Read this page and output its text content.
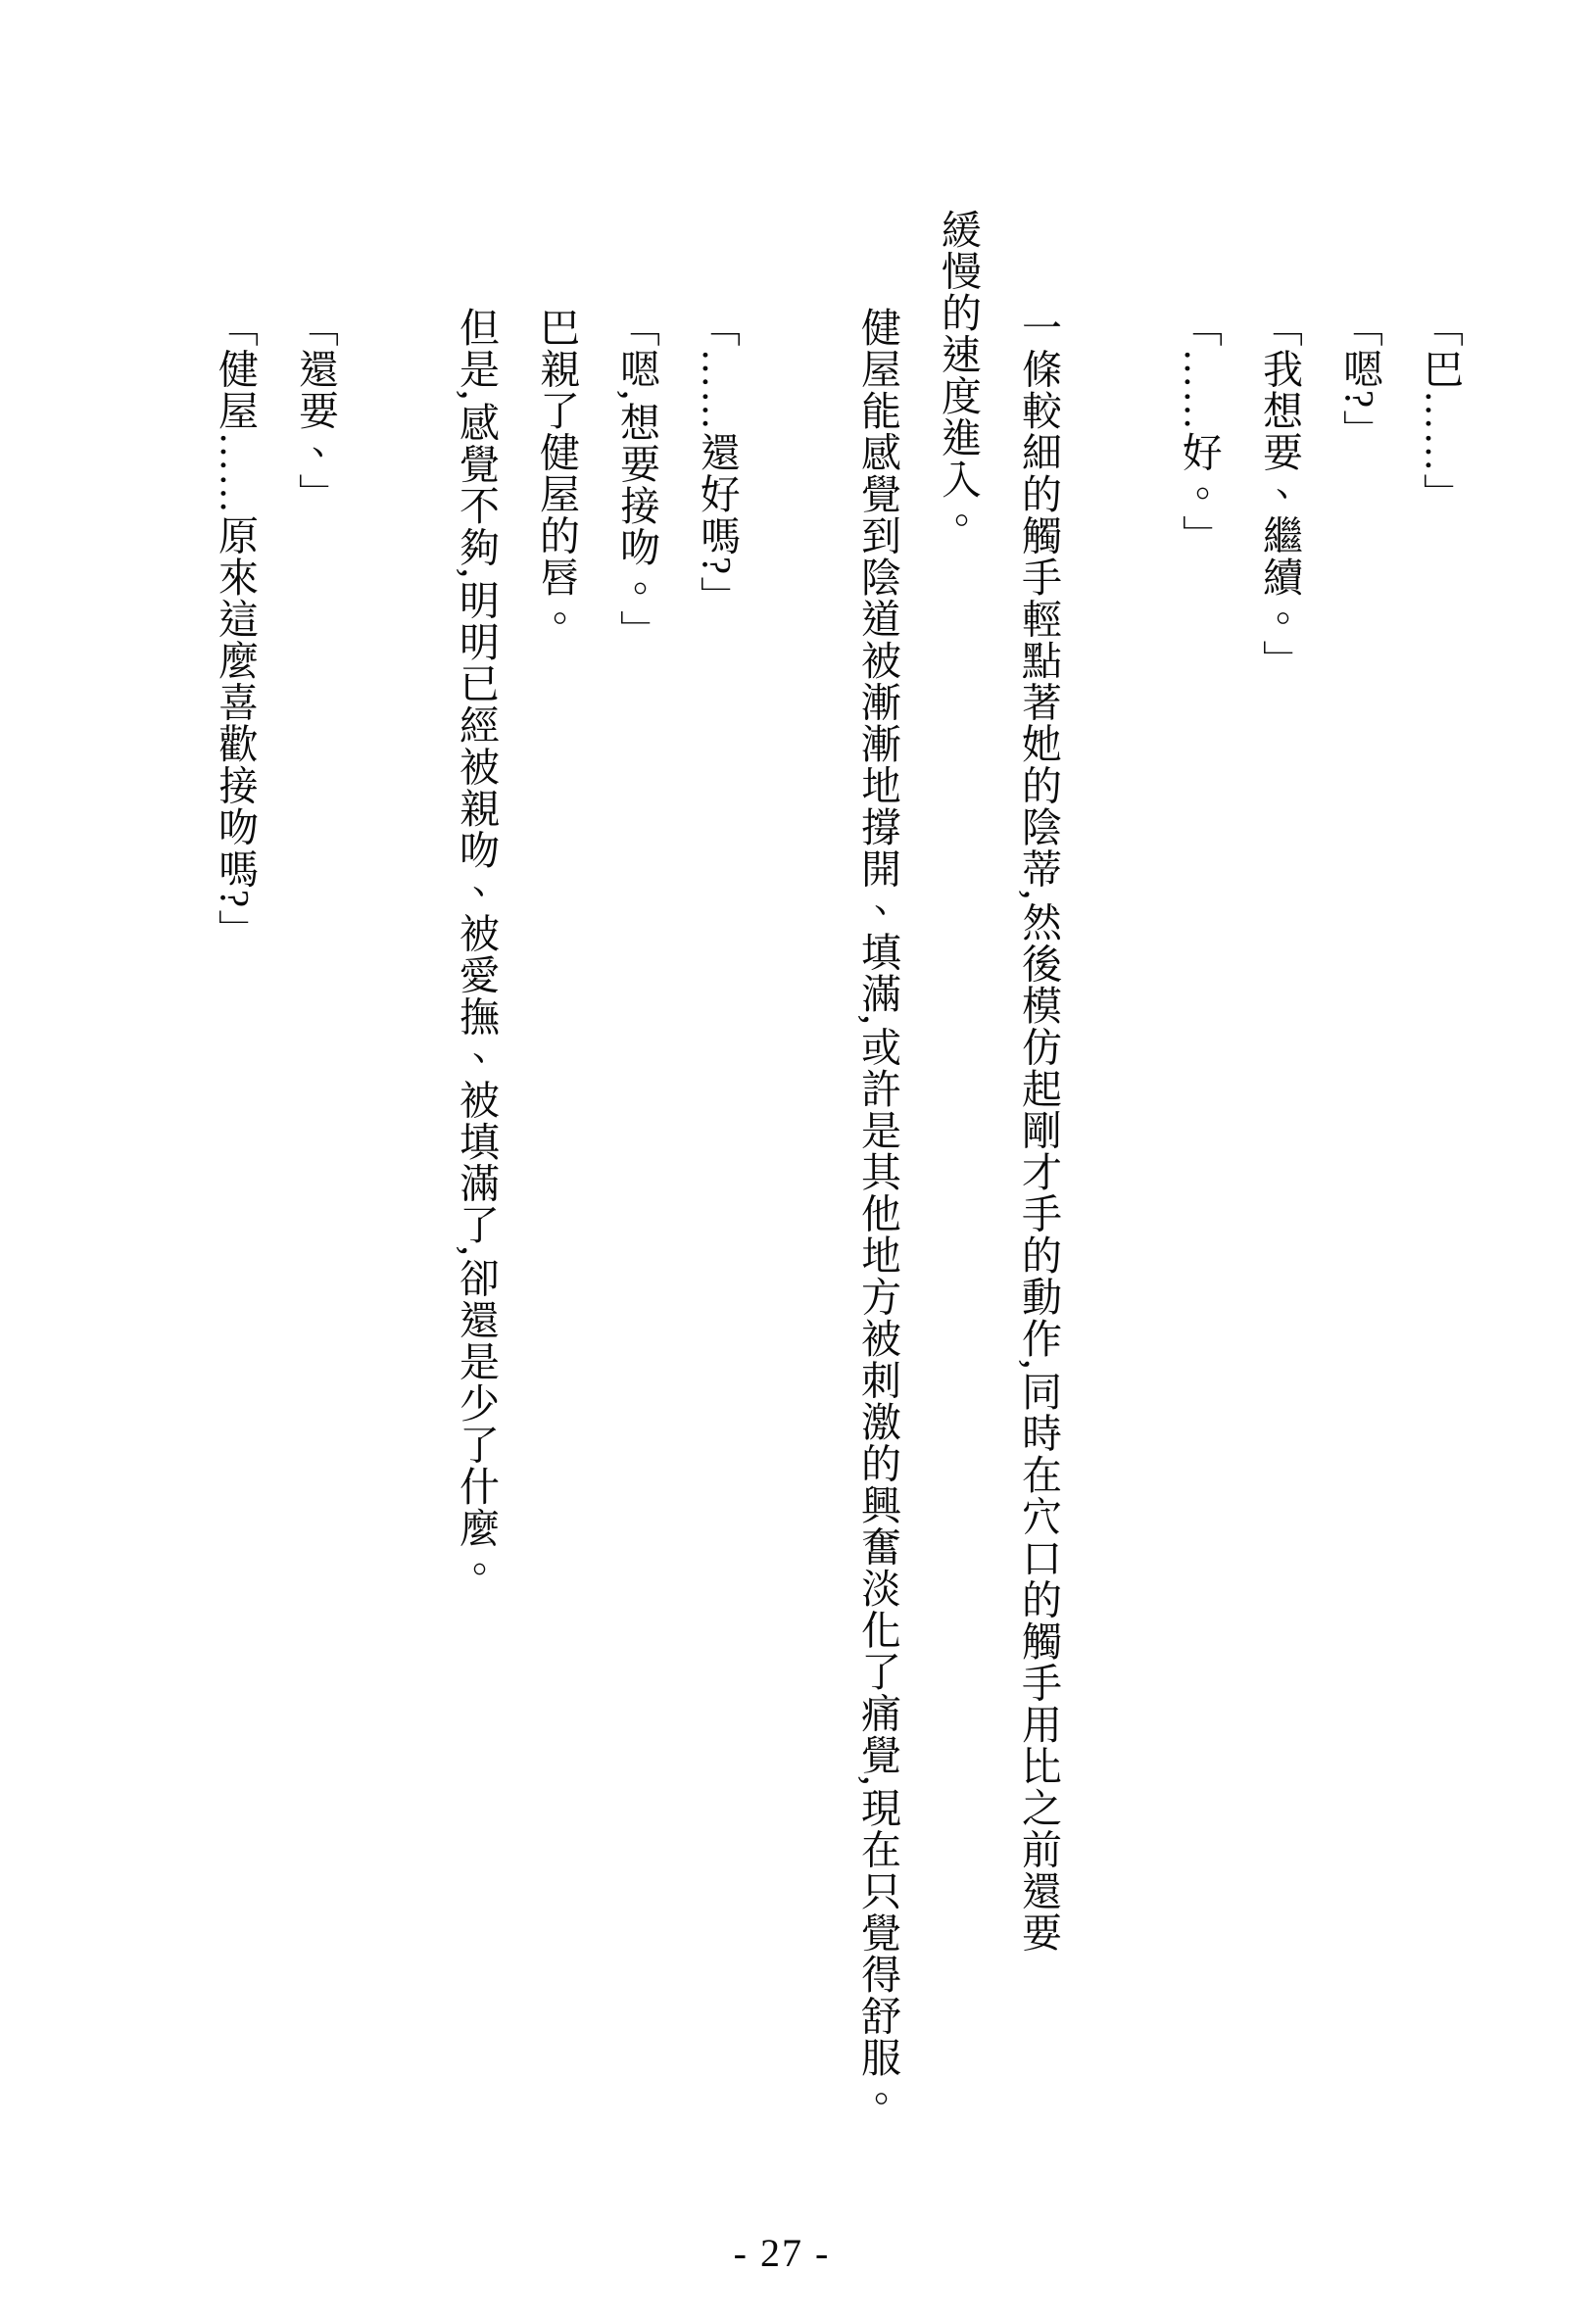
「巴……」

「嗯?」

「我想要、繼續。」

「……好。」

一條較細的觸手輕點著她的陰蒂,然後模仿起剛才手的動作,同時在穴口的觸手用比之前還要

緩慢的速度進入。

健屋能感覺到陰道被漸漸地撐開、填滿,或許是其他地方被刺激的興奮淡化了痛覺,現在只覺得舒服。

「……還好嗎?」

「嗯,想要接吻。」

巴親了健屋的唇。

但是,感覺不夠,明明已經被親吻、被愛撫、被填滿了,卻還是少了什麼。

「還要、」

「健屋……原來這麼喜歡接吻嗎?」

- 27 -
